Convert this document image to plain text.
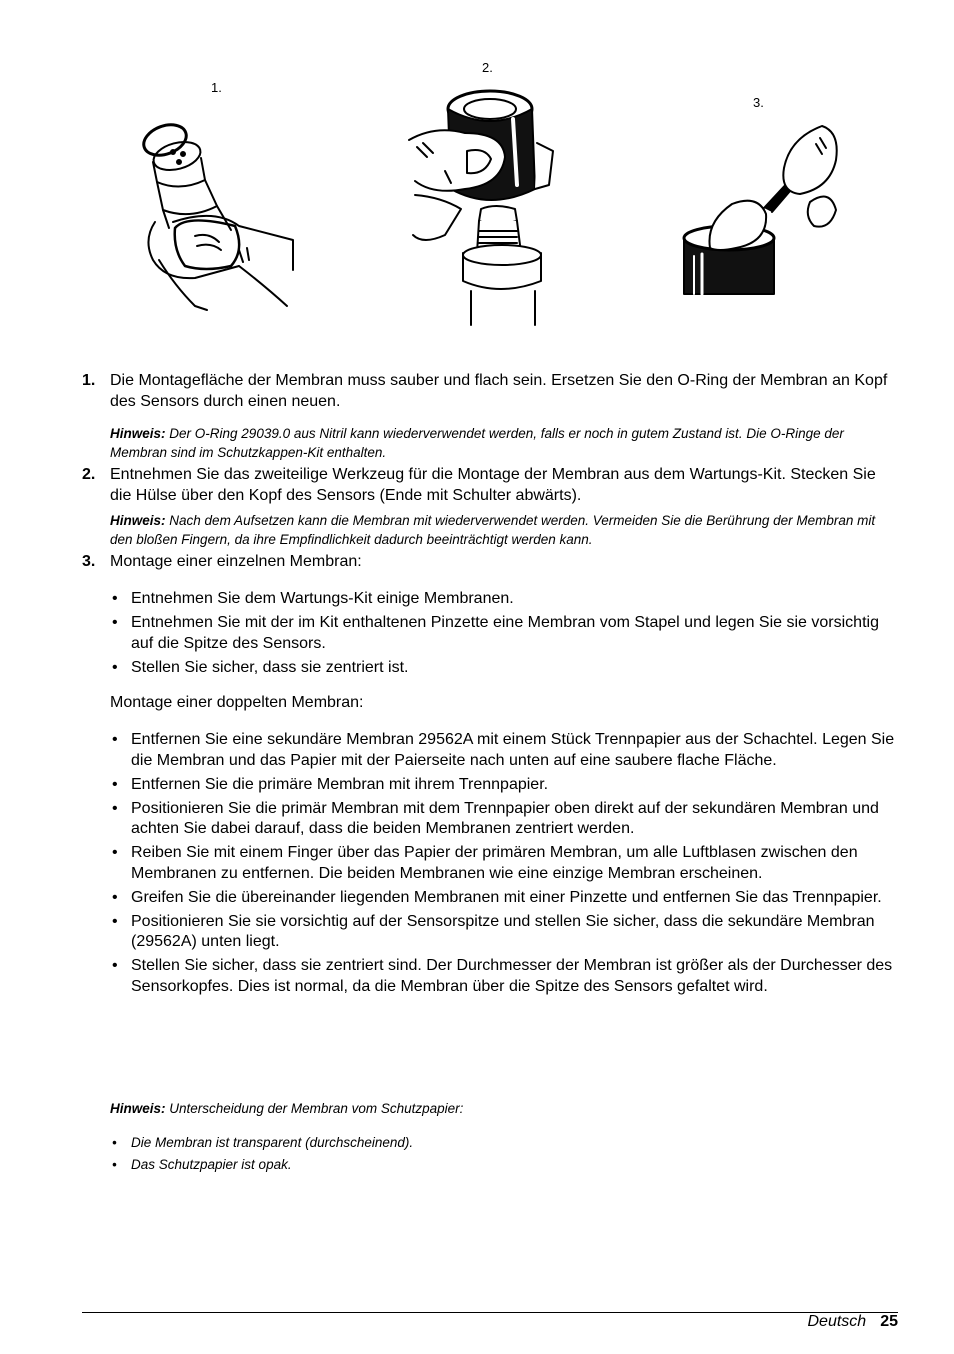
1.
2.
3.
1. Die Montagefläche der Membran muss sauber und flach sein. Ersetzen Sie den O-Ring der Membran an Kopf des Sensors durch einen neuen.
Hinweis: Der O-Ring 29039.0 aus Nitril kann wiederverwendet werden, falls er noch in gutem Zustand ist. Die O-Ringe der Membran sind im Schutzkappen-Kit enthalten.
2. Entnehmen Sie das zweiteilige Werkzeug für die Montage der Membran aus dem Wartungs-Kit. Stecken Sie die Hülse über den Kopf des Sensors (Ende mit Schulter abwärts).
Hinweis: Nach dem Aufsetzen kann die Membran mit wiederverwendet werden. Vermeiden Sie die Berührung der Membran mit den bloßen Fingern, da ihre Empfindlichkeit dadurch beeinträchtigt werden kann.
3. Montage einer einzelnen Membran:
• Entnehmen Sie dem Wartungs-Kit einige Membranen.
• Entnehmen Sie mit der im Kit enthaltenen Pinzette eine Membran vom Stapel und legen Sie sie vorsichtig auf die Spitze des Sensors.
• Stellen Sie sicher, dass sie zentriert ist.
Montage einer doppelten Membran:
• Entfernen Sie eine sekundäre Membran 29562A mit einem Stück Trennpapier aus der Schachtel. Legen Sie die Membran und das Papier mit der Paierseite nach unten auf eine saubere flache Fläche.
• Entfernen Sie die primäre Membran mit ihrem Trennpapier.
• Positionieren Sie die primär Membran mit dem Trennpapier oben direkt auf der sekundären Membran und achten Sie dabei darauf, dass die beiden Membranen zentriert werden.
• Reiben Sie mit einem Finger über das Papier der primären Membran, um alle Luftblasen zwischen den Membranen zu entfernen. Die beiden Membranen wie eine einzige Membran erscheinen.
• Greifen Sie die übereinander liegenden Membranen mit einer Pinzette und entfernen Sie das Trennpapier.
• Positionieren Sie sie vorsichtig auf der Sensorspitze und stellen Sie sicher, dass die sekundäre Membran (29562A) unten liegt.
• Stellen Sie sicher, dass sie zentriert sind. Der Durchmesser der Membran ist größer als der Durchesser des Sensorkopfes. Dies ist normal, da die Membran über die Spitze des Sensors gefaltet wird.
Hinweis: Unterscheidung der Membran vom Schutzpapier:
• Die Membran ist transparent (durchscheinend).
• Das Schutzpapier ist opak.
Deutsch 25
